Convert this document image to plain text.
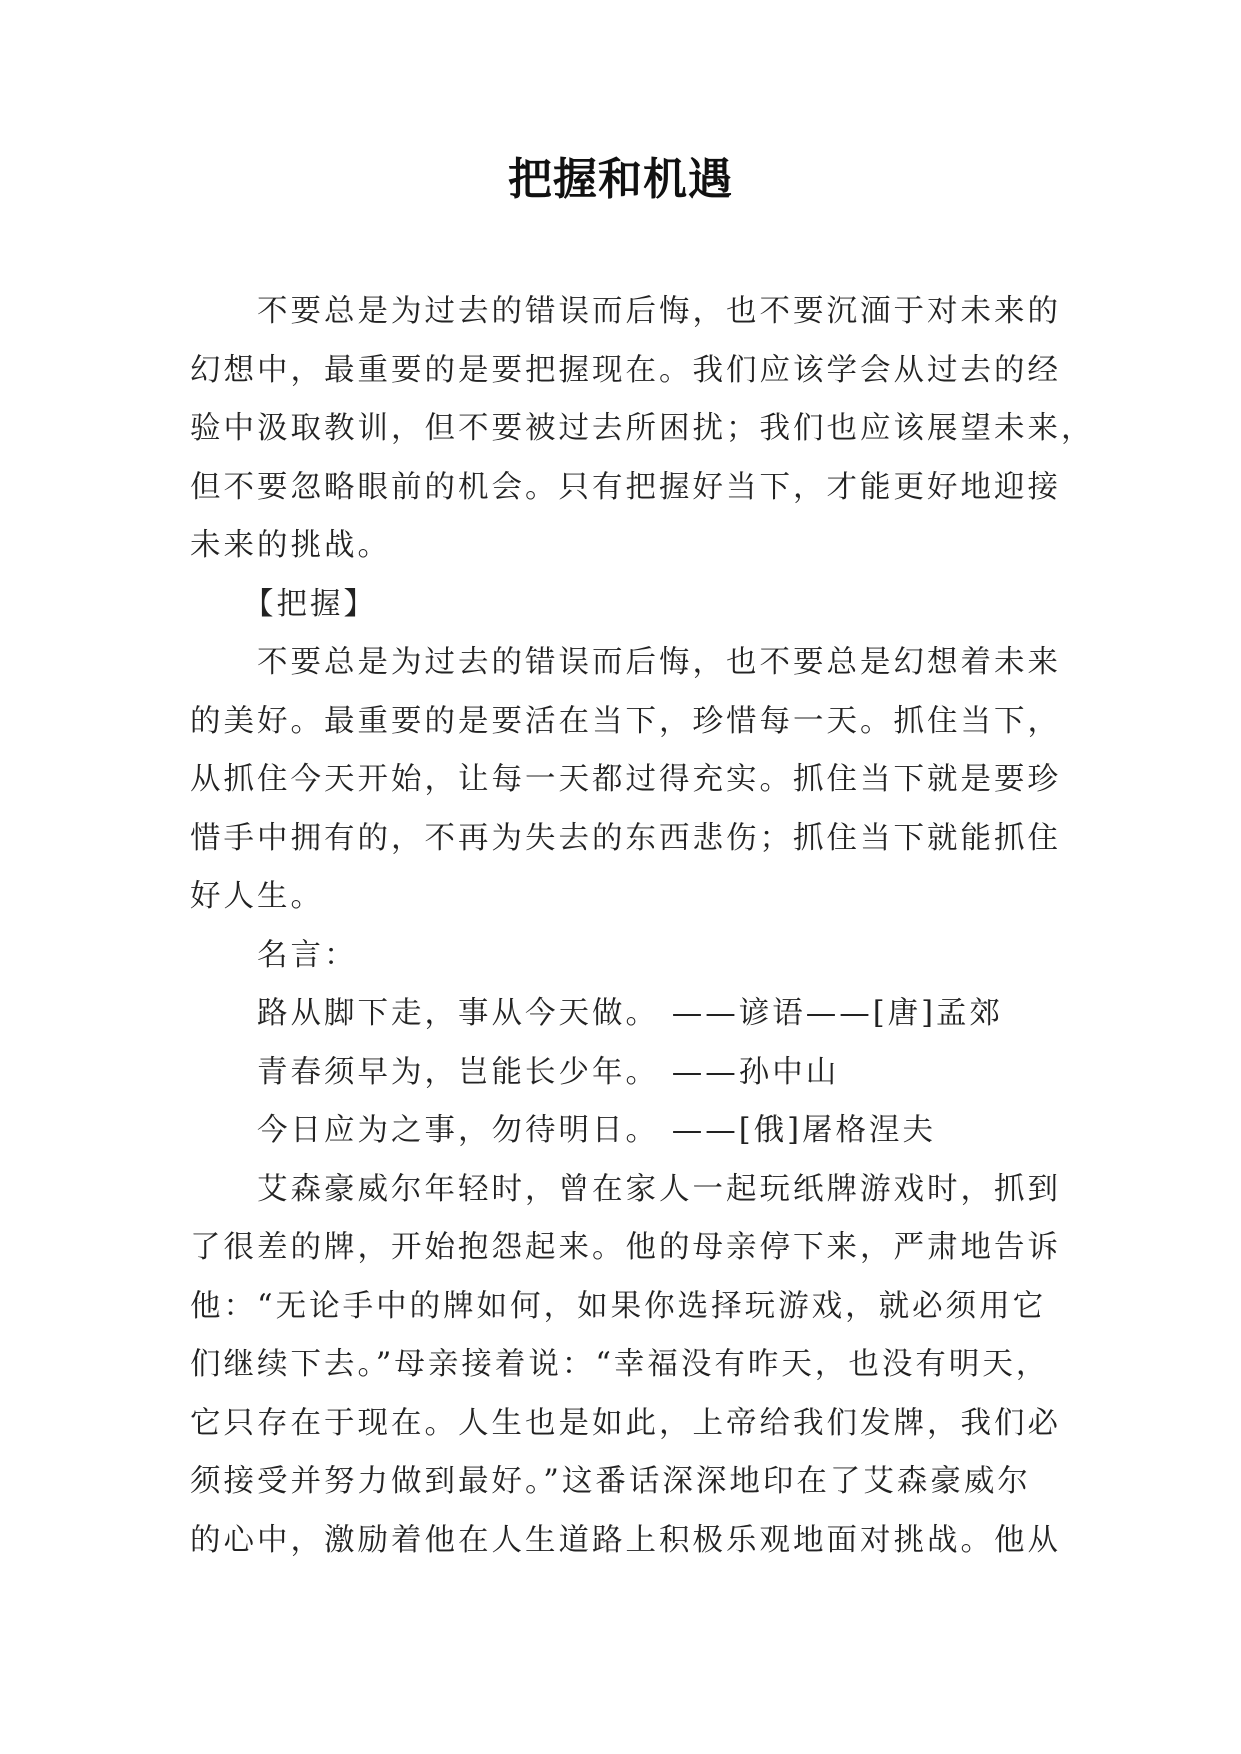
把握和机遇

不要总是为过去的错误而后悔，也不要沉湎于对未来的
幻想中，最重要的是要把握现在。我们应该学会从过去的经
验中汲取教训，但不要被过去所困扰；我们也应该展望未来，
但不要忽略眼前的机会。只有把握好当下，才能更好地迎接
未来的挑战。

【把握】

不要总是为过去的错误而后悔，也不要总是幻想着未来
的美好。最重要的是要活在当下，珍惜每一天。抓住当下，
从抓住今天开始，让每一天都过得充实。抓住当下就是要珍
惜手中拥有的，不再为失去的东西悲伤；抓住当下就能抓住
好人生。

名言：

路从脚下走，事从今天做。 ——谚语——[唐]孟郊

青春须早为，岂能长少年。 ——孙中山

今日应为之事，勿待明日。 ——[俄]屠格涅夫

艾森豪威尔年轻时，曾在家人一起玩纸牌游戏时，抓到
了很差的牌，开始抱怨起来。他的母亲停下来，严肃地告诉
他：“无论手中的牌如何，如果你选择玩游戏，就必须用它
们继续下去。”母亲接着说：“幸福没有昨天，也没有明天，
它只存在于现在。人生也是如此，上帝给我们发牌，我们必
须接受并努力做到最好。”这番话深深地印在了艾森豪威尔
的心中，激励着他在人生道路上积极乐观地面对挑战。他从
